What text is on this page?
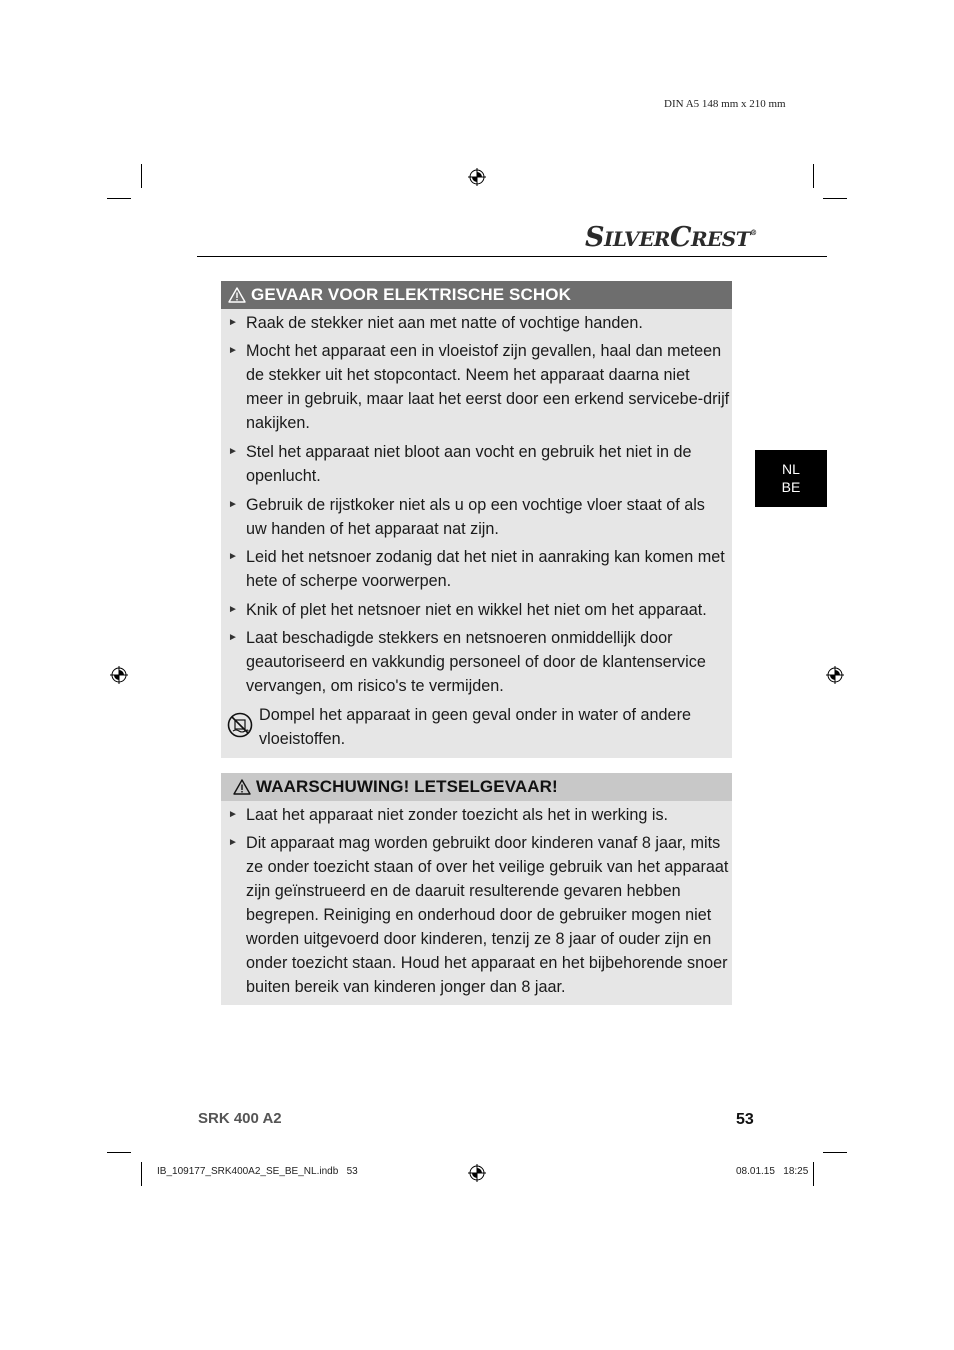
DIN A5 148 mm x 210 mm
SILVERCREST®
NL
BE
GEVAAR VOOR ELEKTRISCHE SCHOK
► Raak de stekker niet aan met natte of vochtige handen.
► Mocht het apparaat een in vloeistof zijn gevallen, haal dan meteen de stekker uit het stopcontact. Neem het apparaat daarna niet meer in gebruik, maar laat het eerst door een erkend servicebe-drijf nakijken.
► Stel het apparaat niet bloot aan vocht en gebruik het niet in de openlucht.
► Gebruik de rijstkoker niet als u op een vochtige vloer staat of als uw handen of het apparaat nat zijn.
► Leid het netsnoer zodanig dat het niet in aanraking kan komen met hete of scherpe voorwerpen.
► Knik of plet het netsnoer niet en wikkel het niet om het apparaat.
► Laat beschadigde stekkers en netsnoeren onmiddellijk door geautoriseerd en vakkundig personeel of door de klantenservice vervangen, om risico's te vermijden.
Dompel het apparaat in geen geval onder in water of andere vloeistoffen.
WAARSCHUWING! LETSELGEVAAR!
► Laat het apparaat niet zonder toezicht als het in werking is.
► Dit apparaat mag worden gebruikt door kinderen vanaf 8 jaar, mits ze onder toezicht staan of over het veilige gebruik van het apparaat zijn geïnstrueerd en de daaruit resulterende gevaren hebben begrepen. Reiniging en onderhoud door de gebruiker mogen niet worden uitgevoerd door kinderen, tenzij ze 8 jaar of ouder zijn en onder toezicht staan. Houd het apparaat en het bijbehorende snoer buiten bereik van kinderen jonger dan 8 jaar.
SRK 400 A2	53
IB_109177_SRK400A2_SE_BE_NL.indb   53	08.01.15   18:25
